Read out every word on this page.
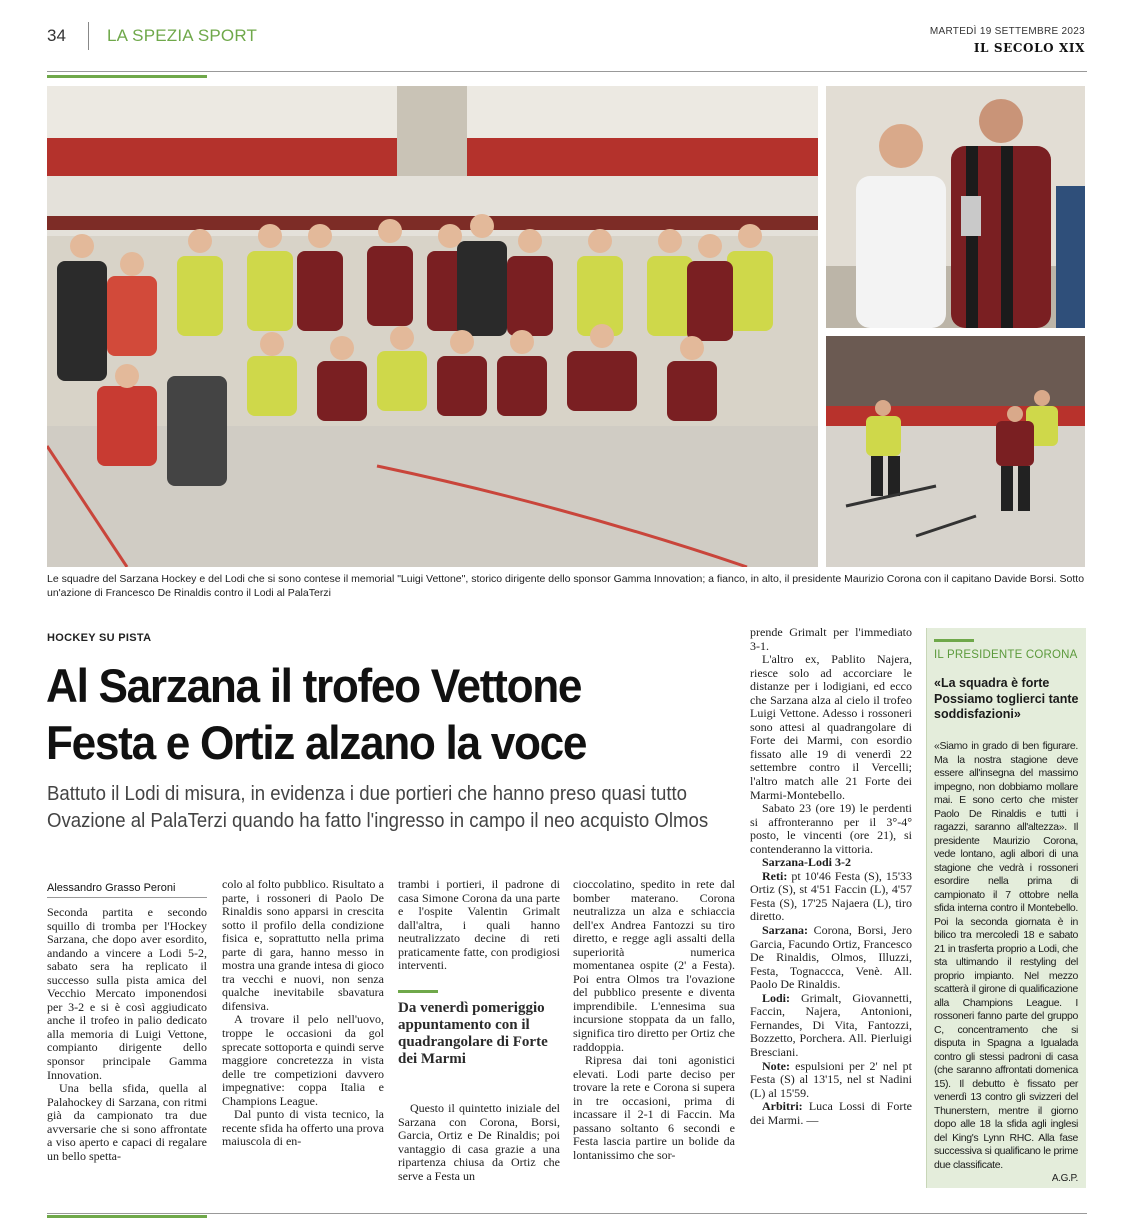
34 LA SPEZIA SPORT	MARTEDÌ 19 SETTEMBRE 2023
IL SECOLO XIX
Le squadre del Sarzana Hockey e del Lodi che si sono contese il memorial "Luigi Vettone", storico dirigente dello sponsor Gamma Innovation; a fianco, in alto, il presidente Maurizio Corona con il capitano Davide Borsi. Sotto un'azione di Francesco De Rinaldis contro il Lodi al PalaTerzi
HOCKEY SU PISTA
Al Sarzana il trofeo Vettone
Festa e Ortiz alzano la voce
Battuto il Lodi di misura, in evidenza i due portieri che hanno preso quasi tutto
Ovazione al PalaTerzi quando ha fatto l'ingresso in campo il neo acquisto Olmos
Alessandro Grasso Peroni

Seconda partita e secondo squillo di tromba per l'Hockey Sarzana, che dopo aver esordito, andando a vincere a Lodi 5-2, sabato sera ha replicato il successo sulla pista amica del Vecchio Mercato imponendosi per 3-2 e si è così aggiudicato anche il trofeo in palio dedicato alla memoria di Luigi Vettone, compianto dirigente dello sponsor principale Gamma Innovation.

Una bella sfida, quella al Palahockey di Sarzana, con ritmi già da campionato tra due avversarie che si sono affrontate a viso aperto e capaci di regalare un bello spetta-

colo al folto pubblico. Risultato a parte, i rossoneri di Paolo De Rinaldis sono apparsi in crescita sotto il profilo della condizione fisica e, soprattutto nella prima parte di gara, hanno messo in mostra una grande intesa di gioco tra vecchi e nuovi, non senza qualche inevitabile sbavatura difensiva.

A trovare il pelo nell'uovo, troppe le occasioni da gol sprecate sottoporta e quindi serve maggiore concretezza in vista delle tre competizioni davvero impegnative: coppa Italia e Champions League.

Dal punto di vista tecnico, la recente sfida ha offerto una prova maiuscola di en-

trambi i portieri, il padrone di casa Simone Corona da una parte e l'ospite Valentin Grimalt dall'altra, i quali hanno neutralizzato decine di reti praticamente fatte, con prodigiosi interventi.

Da venerdì pomeriggio appuntamento con il quadrangolare di Forte dei Marmi

Questo il quintetto iniziale del Sarzana con Corona, Borsi, Garcia, Ortiz e De Rinaldis; poi vantaggio di casa grazie a una ripartenza chiusa da Ortiz che serve a Festa un

cioccolatino, spedito in rete dal bomber materano. Corona neutralizza un alza e schiaccia dell'ex Andrea Fantozzi su tiro diretto, e regge agli assalti della superiorità numerica momentanea ospite (2' a Festa). Poi entra Olmos tra l'ovazione del pubblico presente e diventa imprendibile. L'ennesima sua incursione stoppata da un fallo, significa tiro diretto per Ortiz che raddoppia.

Ripresa dai toni agonistici elevati. Lodi parte deciso per trovare la rete e Corona si supera in tre occasioni, prima di incassare il 2-1 di Faccin. Ma passano soltanto 6 secondi e Festa lascia partire un bolide da lontanissimo che sor-

prende Grimalt per l'immediato 3-1.

L'altro ex, Pablito Najera, riesce solo ad accorciare le distanze per i lodigiani, ed ecco che Sarzana alza al cielo il trofeo Luigi Vettone. Adesso i rossoneri sono attesi al quadrangolare di Forte dei Marmi, con esordio fissato alle 19 di venerdì 22 settembre contro il Vercelli; l'altro match alle 21 Forte dei Marmi-Montebello.

Sabato 23 (ore 19) le perdenti si affronteranno per il 3°-4° posto, le vincenti (ore 21), si contenderanno la vittoria.

Sarzana-Lodi 3-2

Reti: pt 10'46 Festa (S), 15'33 Ortiz (S), st 4'51 Faccin (L), 4'57 Festa (S), 17'25 Najaera (L), tiro diretto.

Sarzana: Corona, Borsi, Jero Garcia, Facundo Ortiz, Francesco De Rinaldis, Olmos, Illuzzi, Festa, Tognaccca, Venè. All. Paolo De Rinaldis.

Lodi: Grimalt, Giovannetti, Faccin, Najera, Antonioni, Fernandes, Di Vita, Fantozzi, Bozzetto, Porchera. All. Pierluigi Bresciani.

Note: espulsioni per 2' nel pt Festa (S) al 13'15, nel st Nadini (L) al 15'59.

Arbitri: Luca Lossi di Forte dei Marmi. —

IL PRESIDENTE CORONA
«La squadra è forte Possiamo toglierci tante soddisfazioni»
«Siamo in grado di ben figurare. Ma la nostra stagione deve essere all'insegna del massimo impegno, non dobbiamo mollare mai. E sono certo che mister Paolo De Rinaldis e tutti i ragazzi, saranno all'altezza». Il presidente Maurizio Corona, vede lontano, agli albori di una stagione che vedrà i rossoneri esordire nella prima di campionato il 7 ottobre nella sfida interna contro il Montebello. Poi la seconda giornata è in bilico tra mercoledì 18 e sabato 21 in trasferta proprio a Lodi, che sta ultimando il restyling del proprio impianto. Nel mezzo scatterà il girone di qualificazione alla Champions League. I rossoneri fanno parte del gruppo C, concentramento che si disputa in Spagna a Igualada contro gli stessi padroni di casa (che saranno affrontati domenica 15). Il debutto è fissato per venerdì 13 contro gli svizzeri del Thunerstern, mentre il giorno dopo alle 18 la sfida agli inglesi del King's Lynn RHC. Alla fase successiva si qualificano le prime due classificate.
A.G.P.
